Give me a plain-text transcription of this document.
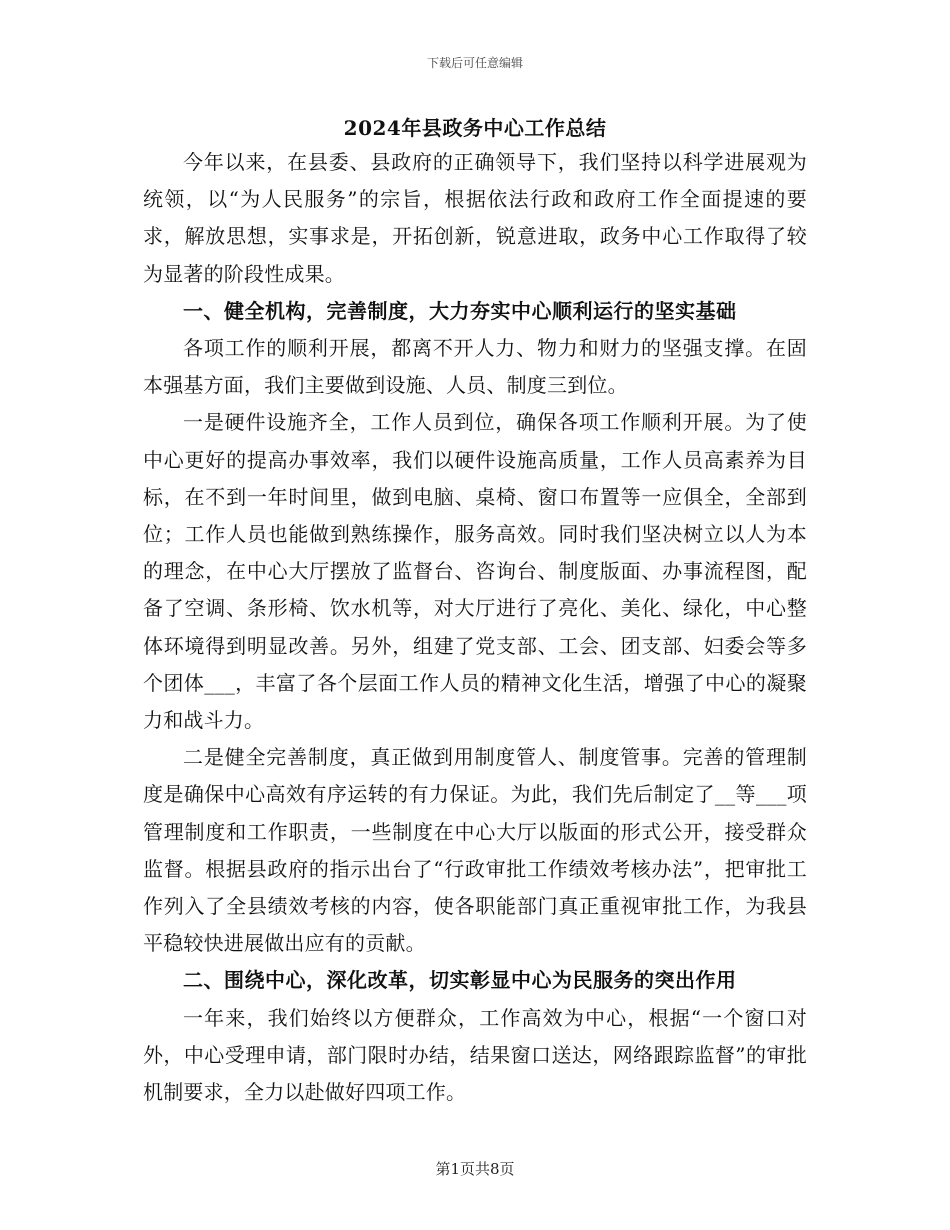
下载后可任意编辑
2024年县政务中心工作总结

今年以来，在县委、县政府的正确领导下，我们坚持以科学进展观为统领，以“为人民服务”的宗旨，根据依法行政和政府工作全面提速的要求，解放思想，实事求是，开拓创新，锐意进取，政务中心工作取得了较为显著的阶段性成果。

一、健全机构，完善制度，大力夯实中心顺利运行的坚实基础

各项工作的顺利开展，都离不开人力、物力和财力的坚强支撑。在固本强基方面，我们主要做到设施、人员、制度三到位。

一是硬件设施齐全，工作人员到位，确保各项工作顺利开展。为了使中心更好的提高办事效率，我们以硬件设施高质量，工作人员高素养为目标，在不到一年时间里，做到电脑、桌椅、窗口布置等一应俱全，全部到位；工作人员也能做到熟练操作，服务高效。同时我们坚决树立以人为本的理念，在中心大厅摆放了监督台、咨询台、制度版面、办事流程图，配备了空调、条形椅、饮水机等，对大厅进行了亮化、美化、绿化，中心整体环境得到明显改善。另外，组建了党支部、工会、团支部、妇委会等多个团体___，丰富了各个层面工作人员的精神文化生活，增强了中心的凝聚力和战斗力。

二是健全完善制度，真正做到用制度管人、制度管事。完善的管理制度是确保中心高效有序运转的有力保证。为此，我们先后制定了__等___项管理制度和工作职责，一些制度在中心大厅以版面的形式公开，接受群众监督。根据县政府的指示出台了“行政审批工作绩效考核办法”，把审批工作列入了全县绩效考核的内容，使各职能部门真正重视审批工作，为我县平稳较快进展做出应有的贡献。

二、围绕中心，深化改革，切实彰显中心为民服务的突出作用

一年来，我们始终以方便群众，工作高效为中心，根据“一个窗口对外，中心受理申请，部门限时办结，结果窗口送达，网络跟踪监督”的审批机制要求，全力以赴做好四项工作。

第1页共8页
